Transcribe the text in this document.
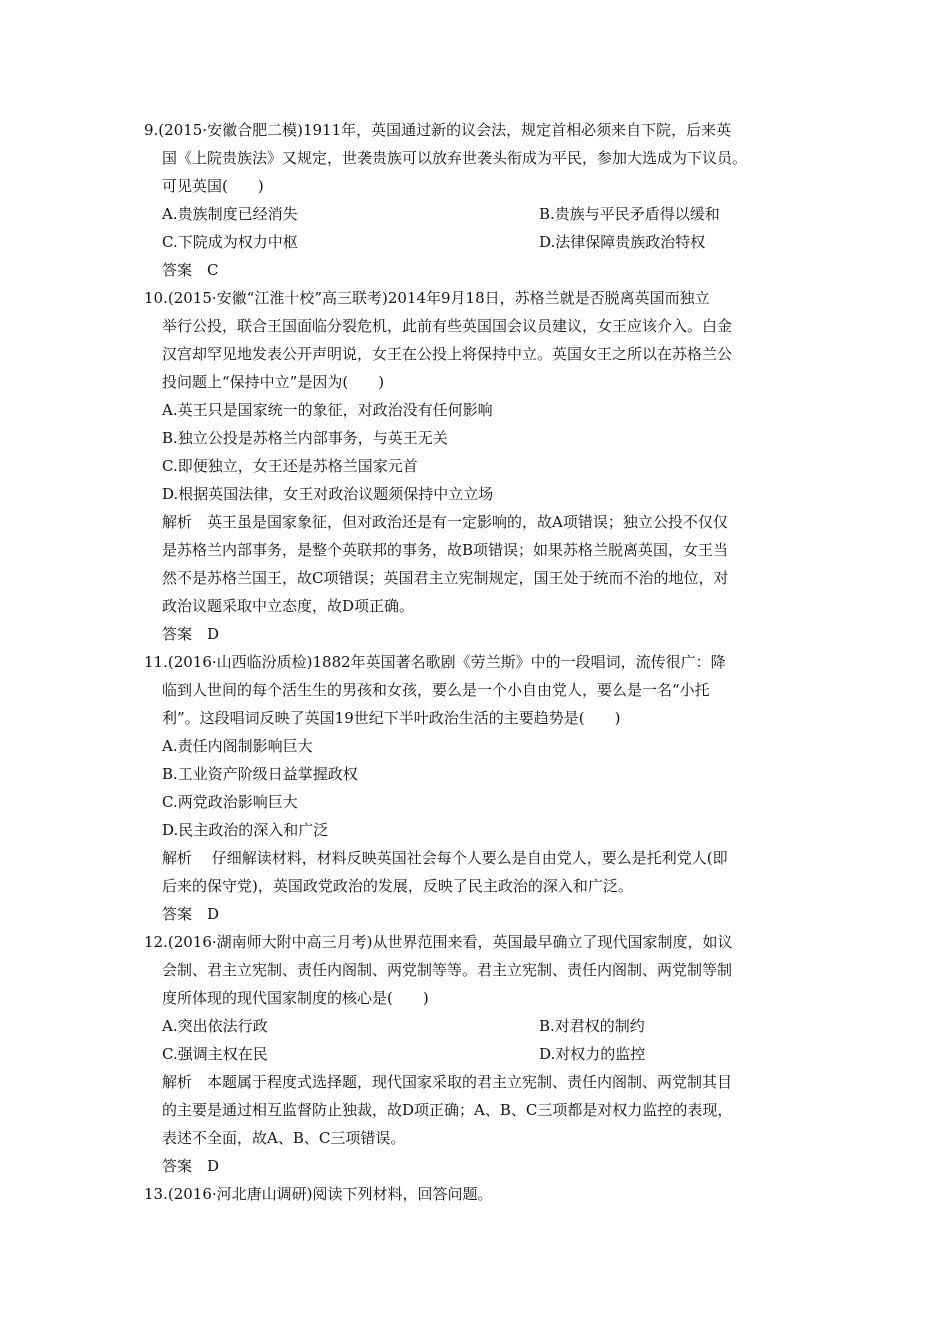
9.(2015·安徽合肥二模)1911年，英国通过新的议会法，规定首相必须来自下院，后来英
国《上院贵族法》又规定，世袭贵族可以放弃世袭头衔成为平民，参加大选成为下议员。
可见英国(　　)
A.贵族制度已经消失	B.贵族与平民矛盾得以缓和
C.下院成为权力中枢	D.法律保障贵族政治特权
答案　C
10.(2015·安徽“江淮十校”高三联考)2014年9月18日，苏格兰就是否脱离英国而独立
举行公投，联合王国面临分裂危机，此前有些英国国会议员建议，女王应该介入。白金
汉宫却罕见地发表公开声明说，女王在公投上将保持中立。英国女王之所以在苏格兰公
投问题上“保持中立”是因为(　　)
A.英王只是国家统一的象征，对政治没有任何影响
B.独立公投是苏格兰内部事务，与英王无关
C.即便独立，女王还是苏格兰国家元首
D.根据英国法律，女王对政治议题须保持中立立场
解析　英王虽是国家象征，但对政治还是有一定影响的，故A项错误；独立公投不仅仅
是苏格兰内部事务，是整个英联邦的事务，故B项错误；如果苏格兰脱离英国，女王当
然不是苏格兰国王，故C项错误；英国君主立宪制规定，国王处于统而不治的地位，对
政治议题采取中立态度，故D项正确。
答案　D
11.(2016·山西临汾质检)1882年英国著名歌剧《劳兰斯》中的一段唱词，流传很广：降
临到人世间的每个活生生的男孩和女孩，要么是一个小自由党人，要么是一名“小托
利”。这段唱词反映了英国19世纪下半叶政治生活的主要趋势是(　　)
A.责任内阁制影响巨大
B.工业资产阶级日益掌握政权
C.两党政治影响巨大
D.民主政治的深入和广泛
解析　 仔细解读材料，材料反映英国社会每个人要么是自由党人，要么是托利党人(即
后来的保守党)，英国政党政治的发展，反映了民主政治的深入和广泛。
答案　D
12.(2016·湖南师大附中高三月考)从世界范围来看，英国最早确立了现代国家制度，如议
会制、君主立宪制、责任内阁制、两党制等等。君主立宪制、责任内阁制、两党制等制
度所体现的现代国家制度的核心是(　　)
A.突出依法行政	B.对君权的制约
C.强调主权在民	D.对权力的监控
解析　本题属于程度式选择题，现代国家采取的君主立宪制、责任内阁制、两党制其目
的主要是通过相互监督防止独裁，故D项正确；A、B、C三项都是对权力监控的表现，
表述不全面，故A、B、C三项错误。
答案　D
13.(2016·河北唐山调研)阅读下列材料，回答问题。
